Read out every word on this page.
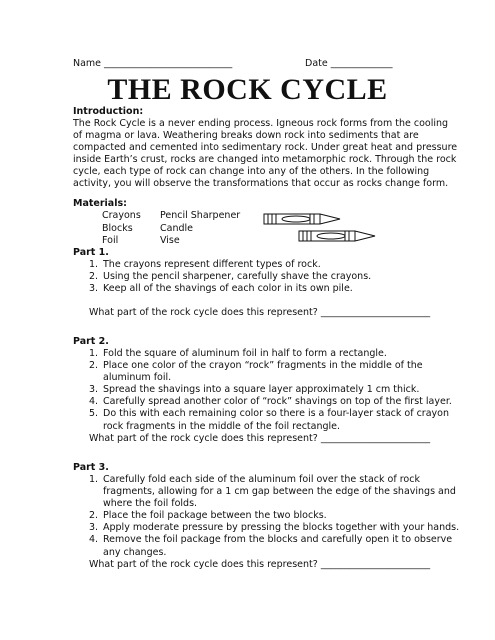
Name ___________________________	Date _____________
THE ROCK CYCLE
Introduction:
The Rock Cycle is a never ending process. Igneous rock forms from the cooling
of magma or lava. Weathering breaks down rock into sediments that are
compacted and cemented into sedimentary rock. Under great heat and pressure
inside Earth’s crust, rocks are changed into metamorphic rock. Through the rock
cycle, each type of rock can change into any of the others. In the following
activity, you will observe the transformations that occur as rocks change form.
Materials:
Crayons
Blocks
Foil
Pencil Sharpener
Candle
Vise
Part 1.
1. The crayons represent different types of rock.
2. Using the pencil sharpener, carefully shave the crayons.
3. Keep all of the shavings of each color in its own pile.
What part of the rock cycle does this represent? _______________________
Part 2.
1. Fold the square of aluminum foil in half to form a rectangle.
2. Place one color of the crayon “rock” fragments in the middle of the
aluminum foil.
3. Spread the shavings into a square layer approximately 1 cm thick.
4. Carefully spread another color of “rock” shavings on top of the first layer.
5. Do this with each remaining color so there is a four-layer stack of crayon
rock fragments in the middle of the foil rectangle.
What part of the rock cycle does this represent? _______________________
Part 3.
1. Carefully fold each side of the aluminum foil over the stack of rock
fragments, allowing for a 1 cm gap between the edge of the shavings and
where the foil folds.
2. Place the foil package between the two blocks.
3. Apply moderate pressure by pressing the blocks together with your hands.
4. Remove the foil package from the blocks and carefully open it to observe
any changes.
What part of the rock cycle does this represent? _______________________
